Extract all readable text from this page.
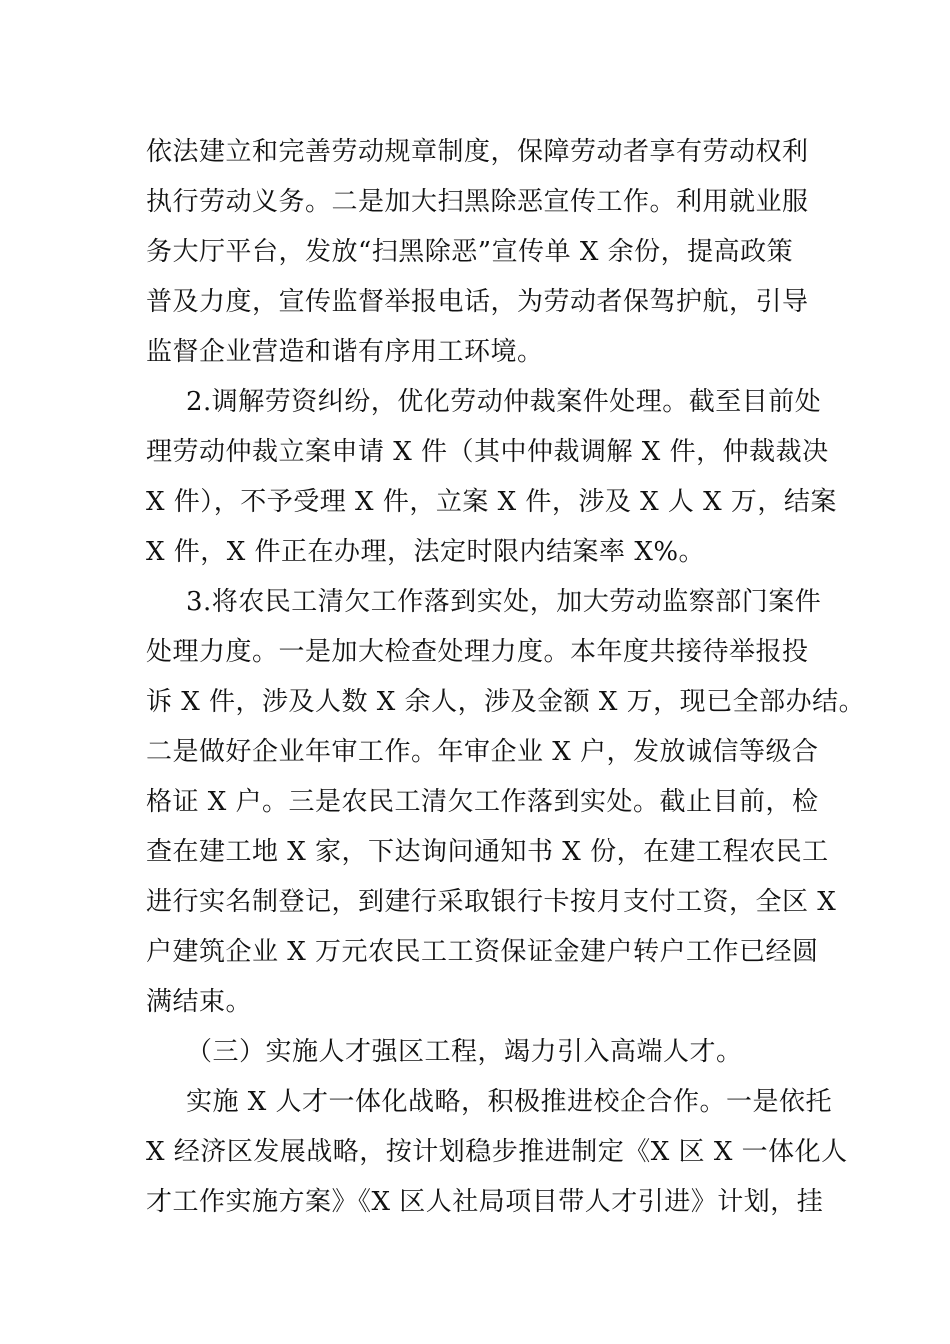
依法建立和完善劳动规章制度，保障劳动者享有劳动权利
执行劳动义务。二是加大扫黑除恶宣传工作。利用就业服
务大厅平台，发放“扫黑除恶”宣传单 X 余份，提高政策
普及力度，宣传监督举报电话，为劳动者保驾护航，引导
监督企业营造和谐有序用工环境。
2.调解劳资纠纷，优化劳动仲裁案件处理。截至目前处
理劳动仲裁立案申请 X 件（其中仲裁调解 X 件，仲裁裁决
X 件），不予受理 X 件，立案 X 件，涉及 X 人 X 万，结案
X 件，X 件正在办理，法定时限内结案率 X%。
3.将农民工清欠工作落到实处，加大劳动监察部门案件
处理力度。一是加大检查处理力度。本年度共接待举报投
诉 X 件，涉及人数 X 余人，涉及金额 X 万，现已全部办结。
二是做好企业年审工作。年审企业 X 户，发放诚信等级合
格证 X 户。三是农民工清欠工作落到实处。截止目前，检
查在建工地 X 家，下达询问通知书 X 份，在建工程农民工
进行实名制登记，到建行采取银行卡按月支付工资，全区 X
户建筑企业 X 万元农民工工资保证金建户转户工作已经圆
满结束。
（三）实施人才强区工程，竭力引入高端人才。
实施 X 人才一体化战略，积极推进校企合作。一是依托
X 经济区发展战略，按计划稳步推进制定《X 区 X 一体化人
才工作实施方案》《X 区人社局项目带人才引进》计划，挂
